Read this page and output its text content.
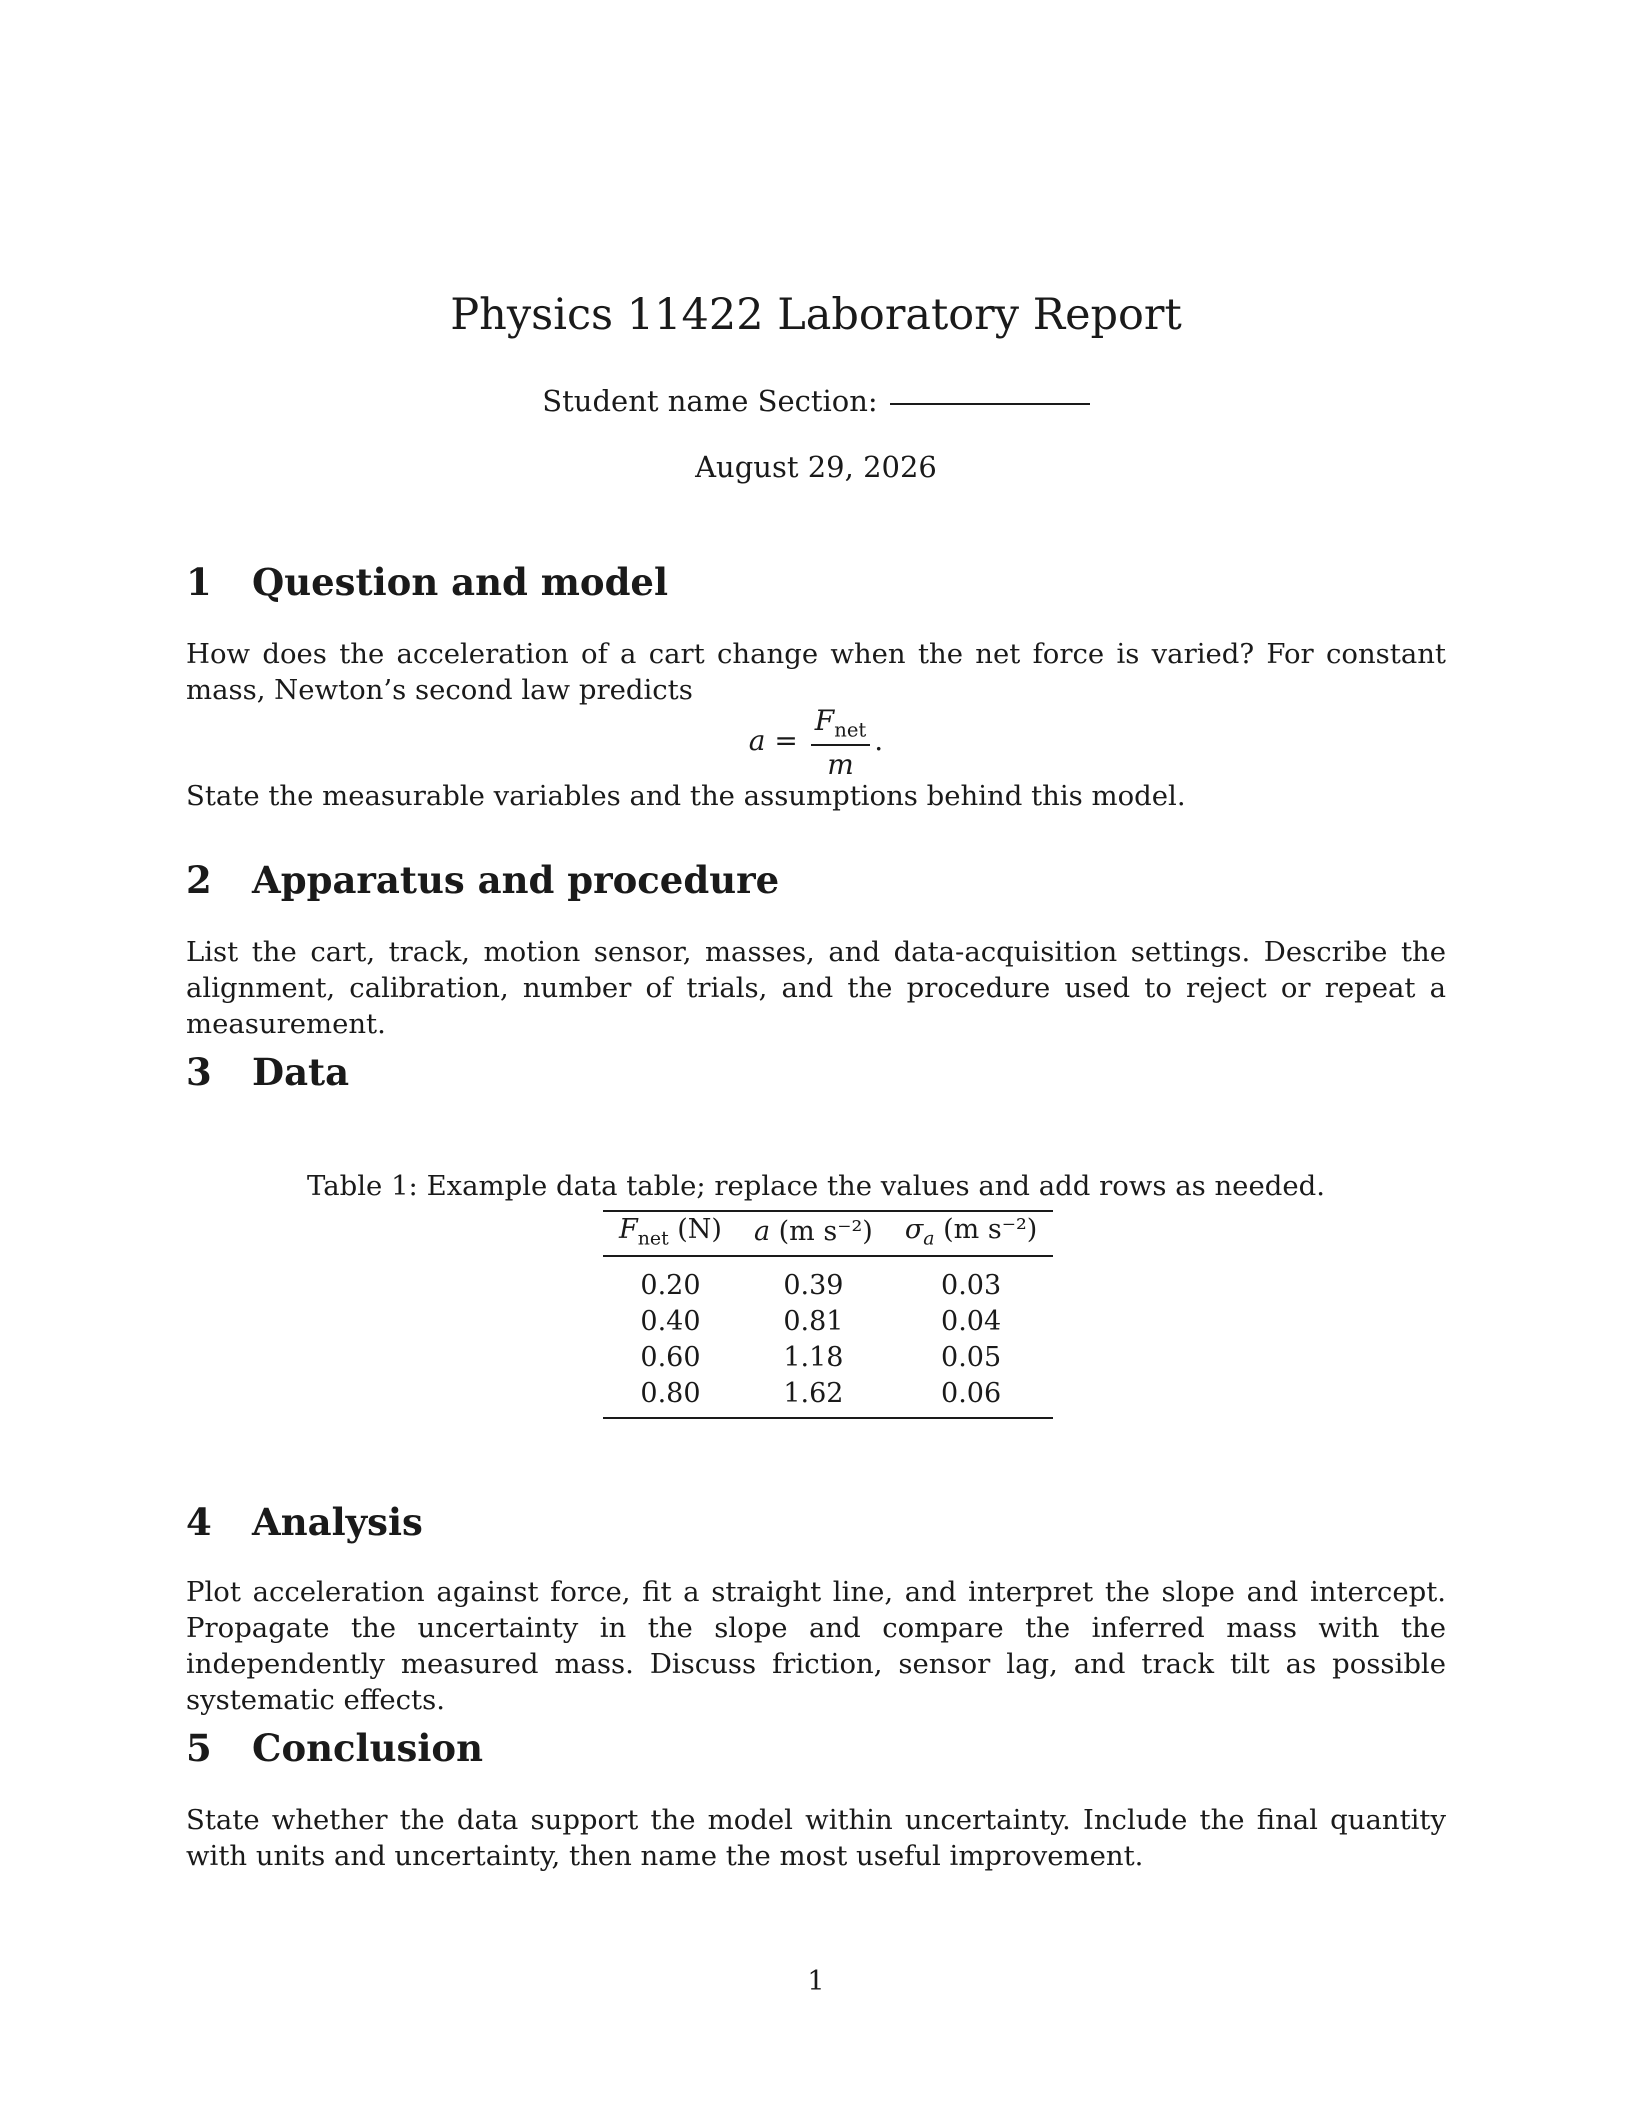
Physics 11422 Laboratory Report
Student name Section:
August 29, 2026
1 Question and model
How does the acceleration of a cart change when the net force is varied? For constant mass, Newton’s second law predicts
$a = \frac{F_{net}}{m}$ .
State the measurable variables and the assumptions behind this model.
2 Apparatus and procedure
List the cart, track, motion sensor, masses, and data-acquisition settings. Describe the alignment, calibration, number of trials, and the procedure used to reject or repeat a measurement.
3 Data
Table 1: Example data table; replace the values and add rows as needed.
$F_{net}$ (N)	a (m s⁻²)	$\sigma_a$ (m s⁻²)
0.20	0.39	0.03
0.40	0.81	0.04
0.60	1.18	0.05
0.80	1.62	0.06
4 Analysis
Plot acceleration against force, fit a straight line, and interpret the slope and intercept. Propagate the uncertainty in the slope and compare the inferred mass with the independently measured mass. Discuss friction, sensor lag, and track tilt as possible systematic effects.
5 Conclusion
State whether the data support the model within uncertainty. Include the final quantity with units and uncertainty, then name the most useful improvement.
1
